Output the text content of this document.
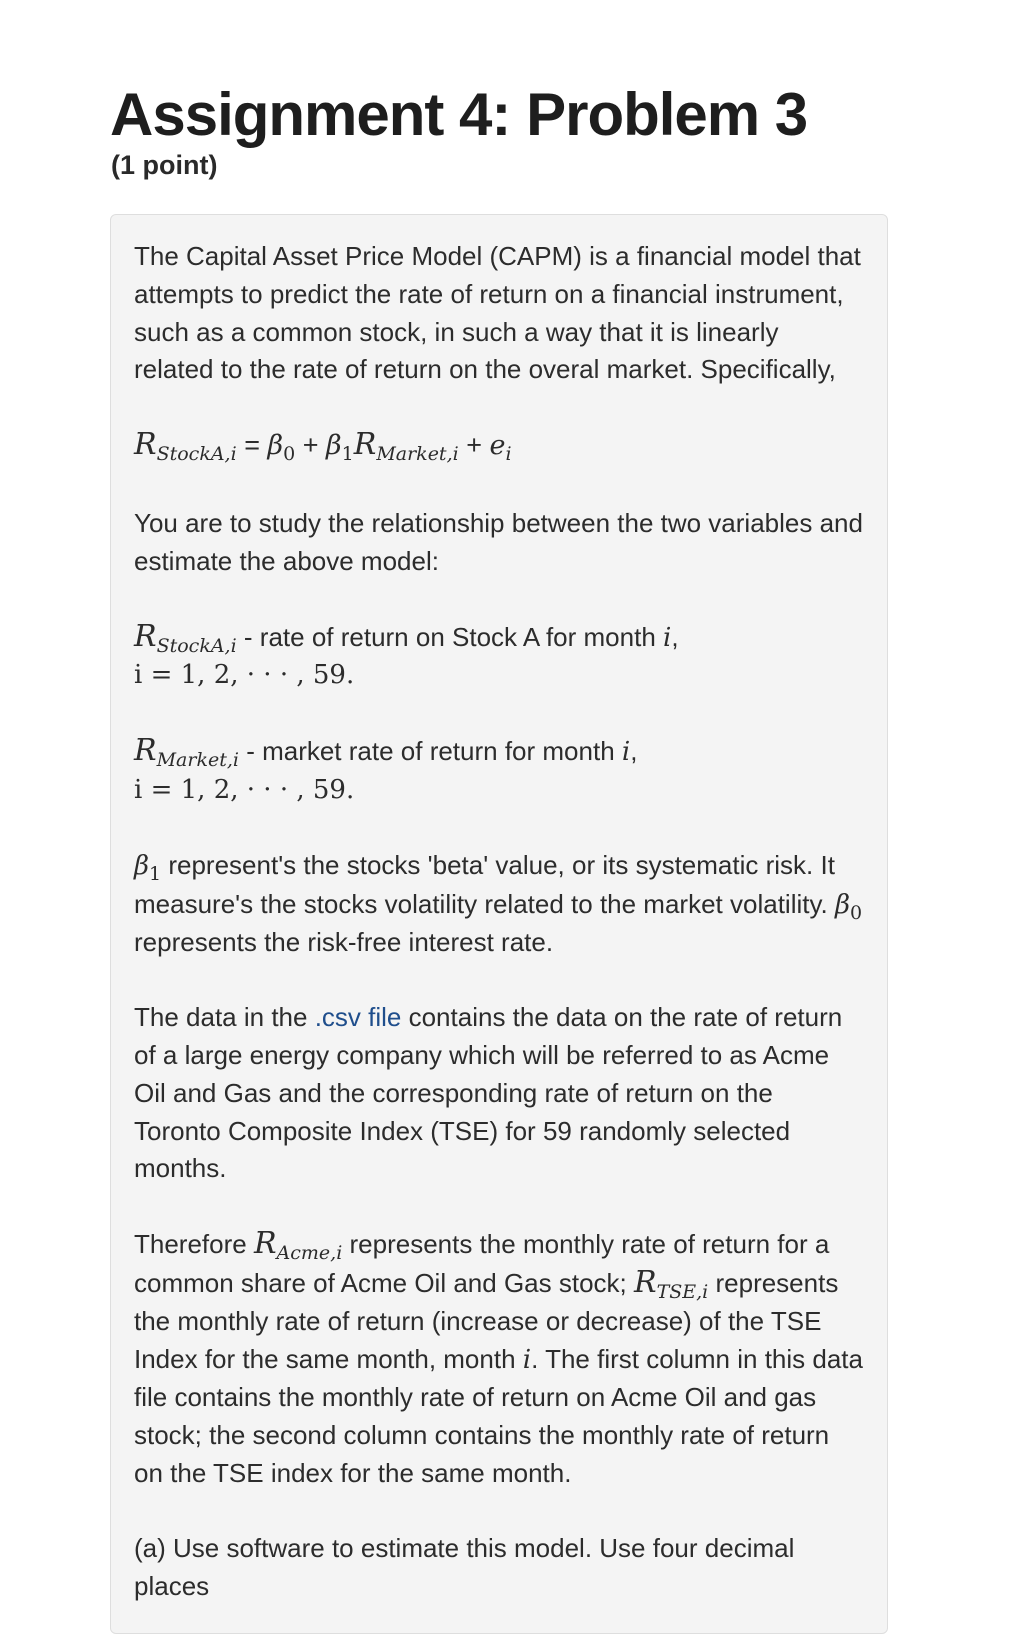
Assignment 4: Problem 3
(1 point)

The Capital Asset Price Model (CAPM) is a financial model that attempts to predict the rate of return on a financial instrument, such as a common stock, in such a way that it is linearly related to the rate of return on the overal market. Specifically,

$R_{StockA,i} = \beta_0 + \beta_1R_{Market,i} + e_i$

You are to study the relationship between the two variables and estimate the above model:

$R_{StockA,i}$ - rate of return on Stock A for month i,

i = 1, 2, · · · , 59.

$R_{Market,i}$ - market rate of return for month i,

i = 1, 2, · · · , 59.

$\beta_1$ represent's the stocks 'beta' value, or its systematic risk. It measure's the stocks volatility related to the market volatility. $\beta_0$ represents the risk-free interest rate.

The data in the .csv file contains the data on the rate of return of a large energy company which will be referred to as Acme Oil and Gas and the corresponding rate of return on the Toronto Composite Index (TSE) for 59 randomly selected months.

Therefore $R_{Acme,i}$ represents the monthly rate of return for a common share of Acme Oil and Gas stock; $R_{TSE,i}$ represents the monthly rate of return (increase or decrease) of the TSE Index for the same month, month i. The first column in this data file contains the monthly rate of return on Acme Oil and gas stock; the second column contains the monthly rate of return on the TSE index for the same month.

(a) Use software to estimate this model. Use four decimal places
